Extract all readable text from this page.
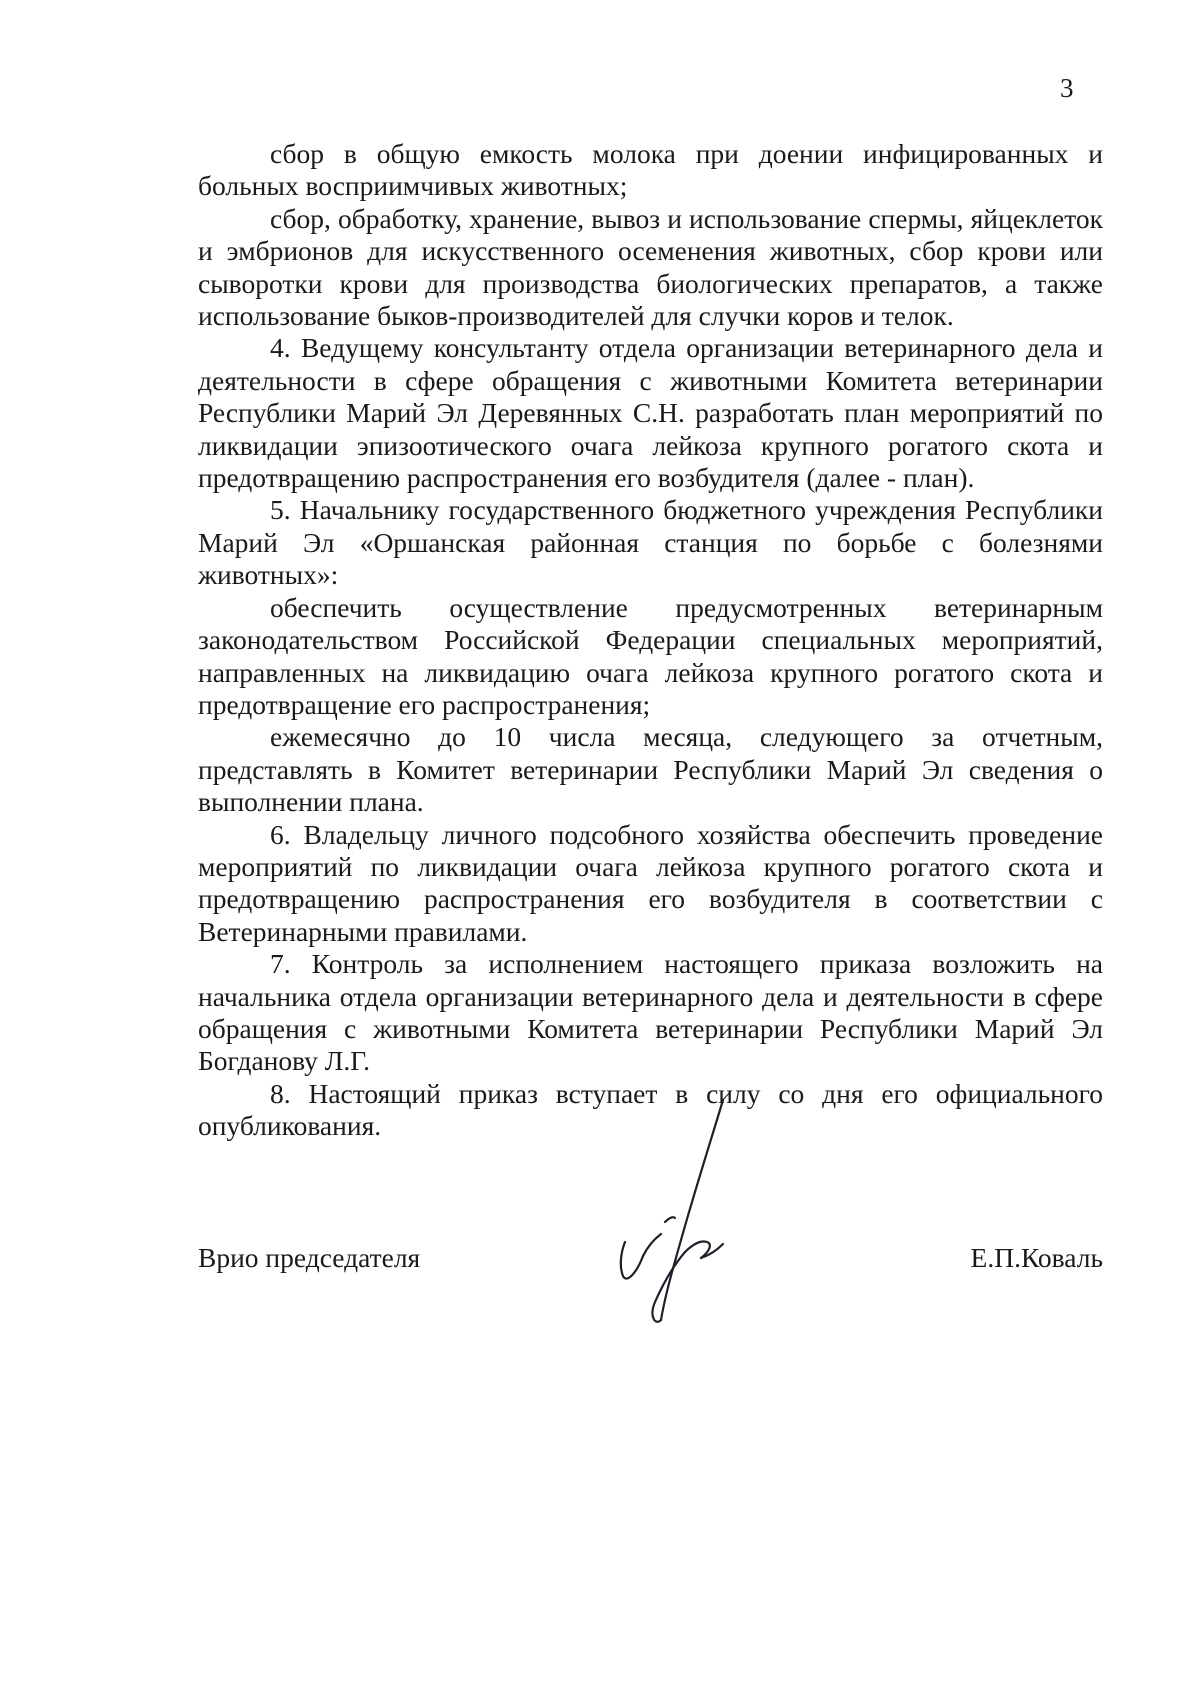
3

сбор в общую емкость молока при доении инфицированных и больных восприимчивых животных;

сбор, обработку, хранение, вывоз и использование спермы, яйцеклеток и эмбрионов для искусственного осеменения животных, сбор крови или сыворотки крови для производства биологических препаратов, а также использование быков-производителей для случки коров и телок.

4. Ведущему консультанту отдела организации ветеринарного дела и деятельности в сфере обращения с животными Комитета ветеринарии Республики Марий Эл Деревянных С.Н. разработать план мероприятий по ликвидации эпизоотического очага лейкоза крупного рогатого скота и предотвращению распространения его возбудителя (далее - план).

5. Начальнику государственного бюджетного учреждения Республики Марий Эл «Оршанская районная станция по борьбе с болезнями животных»:

обеспечить осуществление предусмотренных ветеринарным законодательством Российской Федерации специальных мероприятий, направленных на ликвидацию очага лейкоза крупного рогатого скота и предотвращение его распространения;

ежемесячно до 10 числа месяца, следующего за отчетным, представлять в Комитет ветеринарии Республики Марий Эл сведения о выполнении плана.

6. Владельцу личного подсобного хозяйства обеспечить проведение мероприятий по ликвидации очага лейкоза крупного рогатого скота и предотвращению распространения его возбудителя в соответствии с Ветеринарными правилами.

7. Контроль за исполнением настоящего приказа возложить на начальника отдела организации ветеринарного дела и деятельности в сфере обращения с животными Комитета ветеринарии Республики Марий Эл Богданову Л.Г.

8. Настоящий приказ вступает в силу со дня его официального опубликования.

Врио председателя	Е.П.Коваль
